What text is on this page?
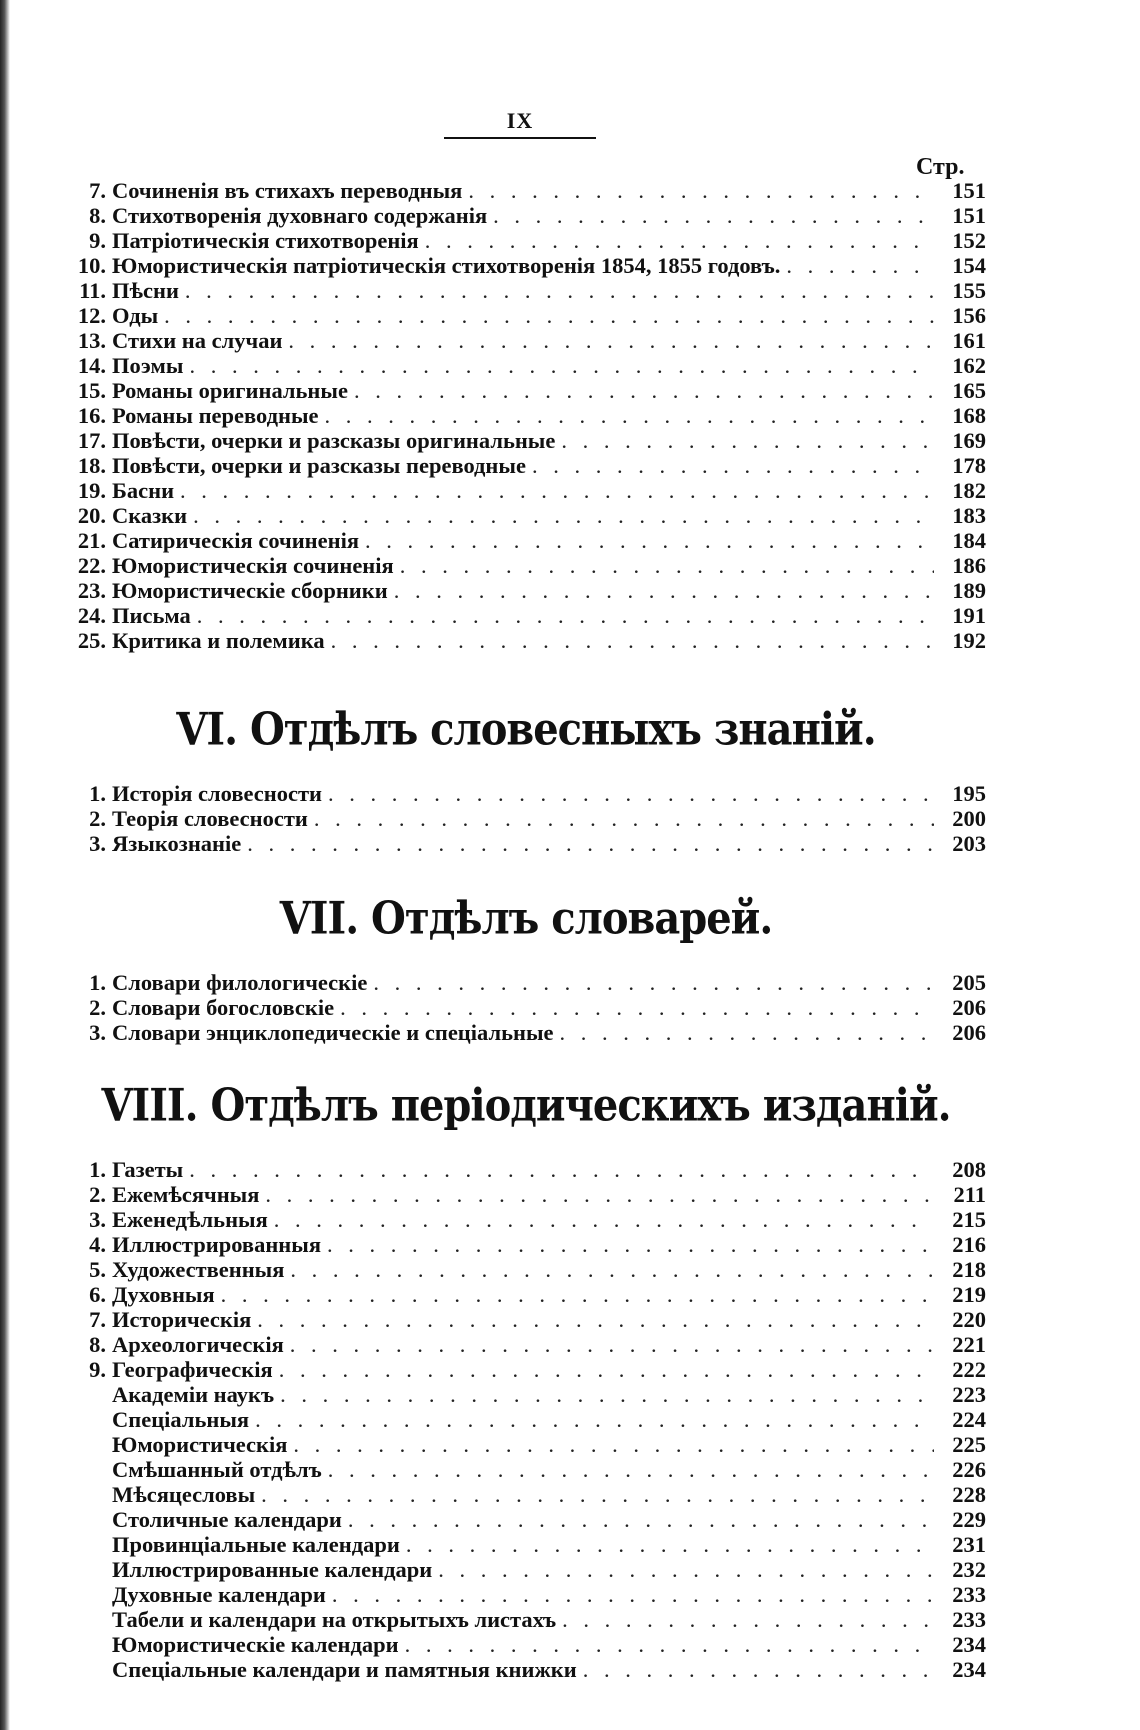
IX
Стр.
7. Сочиненія въ стихахъ переводныя . . .	151
8. Стихотворенія духовнаго содержанія . . .	151
9. Патріотическія стихотворенія . . .	152
10. Юмористическія патріотическія стихотворенія 1854, 1855 годовъ. . . .	154
11. Пѣсни . . .	155
12. Оды . . .	156
13. Стихи на случаи . . .	161
14. Поэмы . . .	162
15. Романы оригинальные . . .	165
16. Романы переводные . . .	168
17. Повѣсти, очерки и разсказы оригинальные . . .	169
18. Повѣсти, очерки и разсказы переводные . . .	178
19. Басни . . .	182
20. Сказки . . .	183
21. Сатирическія сочиненія . . .	184
22. Юмористическія сочиненія . . .	186
23. Юмористическіе сборники . . .	189
24. Письма . . .	191
25. Критика и полемика . . .	192
VI. Отдѣлъ словесныхъ знаній.
1. Исторія словесности . . .	195
2. Теорія словесности . . .	200
3. Языкознаніе . . .	203
VII. Отдѣлъ словарей.
1. Словари филологическіе . . .	205
2. Словари богословскіе . . .	206
3. Словари энциклопедическіе и спеціальные . . .	206
VIII. Отдѣлъ періодическихъ изданій.
1. Газеты . . .	208
2. Ежемѣсячныя . . .	211
3. Еженедѣльныя . . .	215
4. Иллюстрированныя . . .	216
5. Художественныя . . .	218
6. Духовныя . . .	219
7. Историческія . . .	220
8. Археологическія . . .	221
9. Географическія . . .	222
Академіи наукъ . . .	223
Спеціальныя . . .	224
Юмористическія . . .	225
Смѣшанный отдѣлъ . . .	226
Мѣсяцесловы . . .	228
Столичные календари . . .	229
Провинціальные календари . . .	231
Иллюстрированные календари . . .	232
Духовные календари . . .	233
Табели и календари на открытыхъ листахъ . . .	233
Юмористическіе календари . . .	234
Спеціальные календари и памятныя книжки . . .	234
